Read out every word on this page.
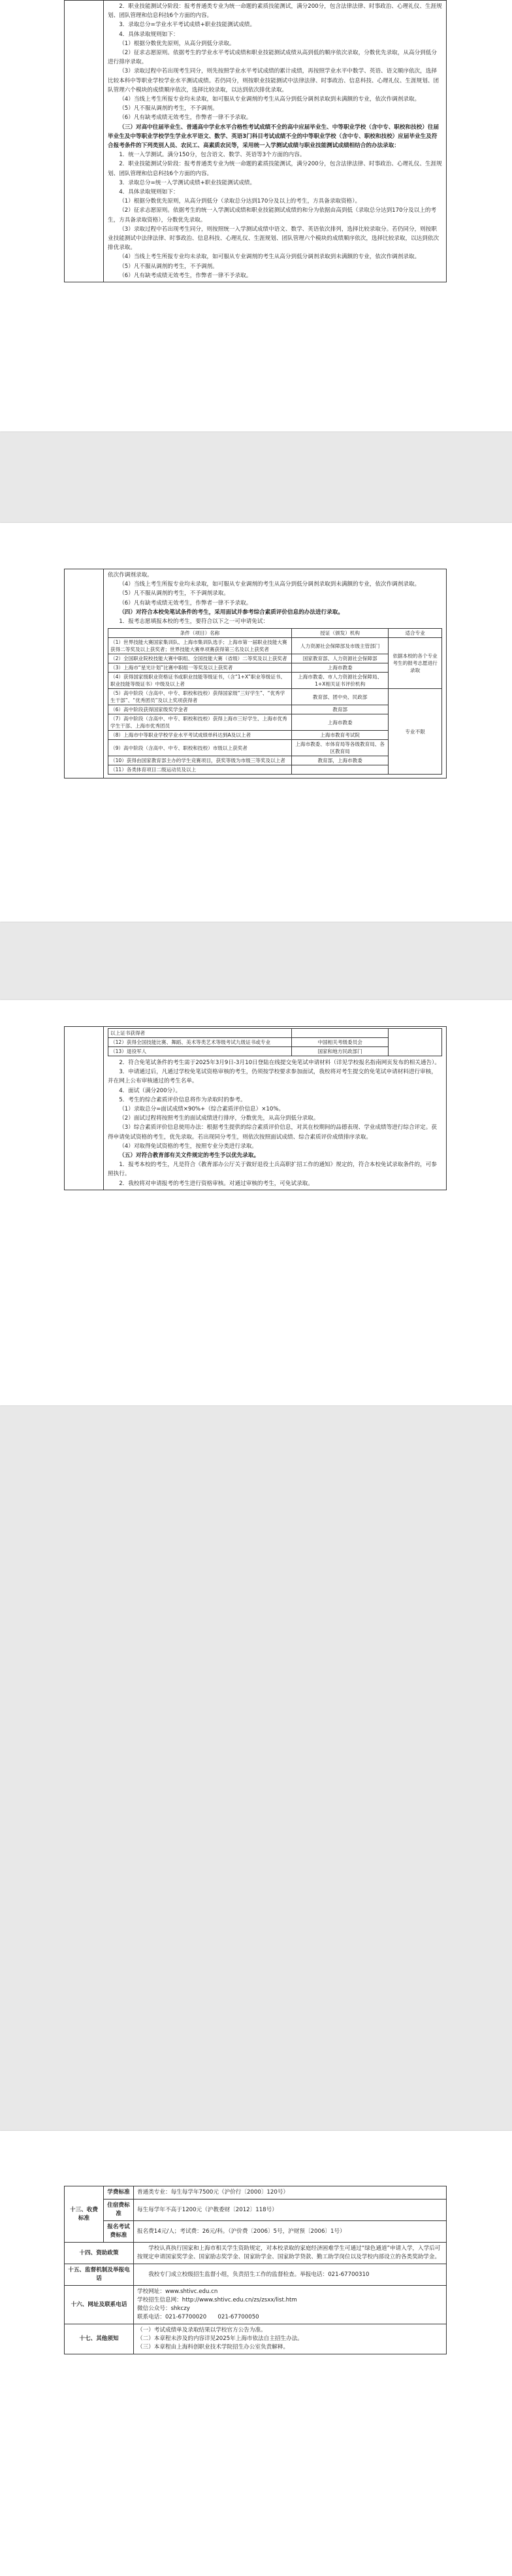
2．职业技能测试分阶段：报考普通类专业为统一命题的素质技能测试，满分200分，包含法律法律、时事政治、心理礼仪、生涯规划、团队管理和信息科技6个方面的内容。

3．录取总分=学业水平考试成绩+职业技能测试成绩。

4．具体录取规则如下：

（1）根据分数优先原则，从高分到低分录取。

（2）征求志愿原则。依据考生的学业水平考试成绩和职业技能测试成绩从高到低的顺序依次录取，分数优先录取，从高分到低分进行排序录取。

（3）录取过程中若出现考生同分，则先按照学业水平考试成绩的累计成绩，再按照学业水平中数学、英语、语文顺序依次，选择比较本科中等职业学校学业水平测试成绩。若仍同分，则按职业技能测试中法律法律、时事政治、信息科技、心理礼仪、生涯规划、团队管理六个模块的成绩顺序依次，选择比较录取，以达到依次排优录取。

（4）当线上考生所报专业均未录取，如可服从专业调剂的考生从高分到低分调剂录取到未满额的专业，依次作调剂录取。

（5）凡不服从调剂的考生，不予调剂。

（6）凡有缺考成绩无效考生，作弊者一律不予录取。

（三）对高中往届毕业生、普通高中学业水平合格性考试成绩不全的高中应届毕业生、中等职业学校（含中专、职校和技校）往届毕业生及中等职业学校学生学业水平语文、数学、英语3门科目考试成绩不全的中等职业学校（含中专、职校和技校）应届毕业生及符合报考条件的下列类别人员、农民工、高素质农民等，采用统一入学测试成绩与职业技能测试成绩相结合的办法录取：

1．统一入学测试。满分150分，包含语文、数学、英语等3个方面的内容。

2．职业技能测试分阶段：报考普通类专业为统一命题的素质技能测试，满分200分，包含法律法律、时事政治、心理礼仪、生涯规划、团队管理和信息科技6个方面的内容。

3．录取总分=统一入学测试成绩+职业技能测试成绩。

4．具体录取规则如下：

（1）根据分数优先原则，从高分到低分（录取总分达到170分及以上的考生，方具备录取资格）。

（2）征求志愿原则。依据考生的统一入学测试成绩和职业技能测试成绩的和分为依据由高到低（录取总分达到170分及以上的考生，方具备录取资格），分数优先录取。

（3）录取过程中若出现考生同分，则按照统一入学测试成绩中语文、数学、英语依次排列，选择比较录取分。若仍同分，则按职业技能测试中法律法律、时事政治、信息科技、心理礼仪、生涯规划、团队管理六个模块的成绩顺序依次，选择比较录取，以达到依次排优录取。

（4）当线上考生所报专业均未录取，如可服从专业调剂的考生从高分到低分调剂录取到未满额的专业，依次作调剂录取。

（5）凡不服从调剂的考生，不予调剂。

（6）凡有缺考成绩无效考生，作弊者一律不予录取。

依次作调剂录取。

（4）当线上考生所报专业均未录取，如可服从专业调剂的考生从高分到低分调剂录取到未满额的专业，依次作调剂录取。

（5）凡不服从调剂的考生，不予调剂录取。

（6）凡有缺考成绩无效考生，作弊者一律不予录取。

（四）对符合本校免笔试条件的考生，采用面试并参考综合素质评价信息的办法进行录取。

1．报考志愿填报本校的考生，要符合以下之一可申请免试：

条件（项目）名称	授证（颁发）机构	适合专业
（1）世界技能大赛国家集训队、上海市集训队选手；上海市第一届职业技能大赛获得二等奖及以上获奖者；世界技能大赛单项赛获得第三名及以上获奖者	人力资源社会保障部及市级主管部门	依据本校的各个专业考生的报考志愿进行录取
（2）全国职业院校技能大赛中职组、全国技能大赛（省级）二等奖及以上获奖者	国家教育部、人力资源社会保障部
（3）上海市“星光计划”比赛中职组一等奖及以上获奖者	上海市教委
（4）获得国家级职业资格证书或职业技能等级证书，（含“1+X”职业等级证书、职业技能等级证书）中级及以上者	上海市教委、市人力资源社会保障局、1+X相关证书评价机构
（5）高中阶段（含高中、中专、职校和技校）获得国家级“三好学生”、“优秀学生干部”、“优秀团员”及以上奖项获得者	教育部、团中央、民政部	专业不限
（6）高中阶段获得国家级奖学金者	教育部
（7）高中阶段（含高中、中专、职校和技校）获得上海市三好学生、上海市优秀学生干部、上海市优秀团员	上海市教委
（8）上海市中等职业学校学业水平考试成绩单科达到A及以上者	上海市教育考试院
（9）高中阶段（含高中、中专、职校和技校）市级以上获奖者	上海市教委、市体育局等各级教育局、各区教育局
（10）获得由国家教育部主办的学生竞赛项目，获奖等级为市级三等奖及以上者	教育部，上海市教委
（11）各类体育项目二级运动员及以上	

以上证书获得者		
（12）获得全国技能比赛、舞蹈、美术等类艺术等级考试九级证书或专业	中国相关考级委员会
（13）退役军人	国家和地方民政部门

2．符合免笔试条件的考生需于2025年3月9日-3月10日登陆在线提交免笔试申请材料（详见学校报名指南网页发布的相关通告）。

3．申请通过后，凡通过学校免笔试资格审核的考生，仍须按学校要求参加面试，我校将对考生提交的免笔试申请材料进行审核，并在网上公布审核通过的考生名单。

4．面试（满分200分）。

5．考生的综合素质评价信息将作为录取时的参考。

（1）录取总分=面试成绩×90%+（综合素质评价信息）×10%。

（2）面试过程将按照考生的面试成绩进行排序，分数优先，从高分到低分录取。

（3）综合素质评价信息使用办法：根据考生提供的综合素质评价信息，对其在校期间的品德表现、学业成绩等进行综合评定。获得申请免试资格的考生，优先录取。若出现同分考生，则依次按照面试成绩、综合素质评价成绩排序录取。

（4）对取得免试资格的考生，按照专业分类进行录取。

（五）对符合教育部有关文件规定的考生予以优先录取。

1．报考本校的考生，凡是符合《教育部办公厅关于做好退役士兵高职扩招工作的通知》规定的，符合本校免试录取条件的，可参照执行。

2．我校将对申请报考的考生进行资格审核。对通过审核的考生，可免试录取。

十三、收费标准	学费标准	普通类专业：每生每学年7500元（沪价行〔2000〕120号）
	住宿费标准	每生每学年不高于1200元（沪教委财〔2012〕118号）
	报名考试费标准	报名费14元/人；考试费：26元/科。（沪价费〔2006〕5号，沪财预〔2006〕1号）
十四、资助政策		学校认真执行国家和上海市相关学生资助规定，对本校录取的家庭经济困难学生可通过“绿色通道”申请入学，入学后可按规定申请国家奖学金、国家励志奖学金、国家助学金、国家助学贷款、勤工助学岗位以及学校内部设立的各类奖助学金。
十五、监督机制及举报电话		我校专门成立校级招生监督小组，负责招生工作的监督检查。举报电话：021-67700310
十六、网址及联系电话		学校网址：www.shtivc.edu.cn
学校招生信息网：http://www.shtivc.edu.cn/zs/zsxx/list.htm
微信公众号：shkczy
联系电话：021-67700020　　021-67700050

十七、其他须知		（一）考试成绩单及录取结果以学校官方公告为准。
（二）本章程未涉及的内容详见2025年上海市依法自主招生办法。
（三）本章程由上海科创职业技术学院招生办公室负责解释。
